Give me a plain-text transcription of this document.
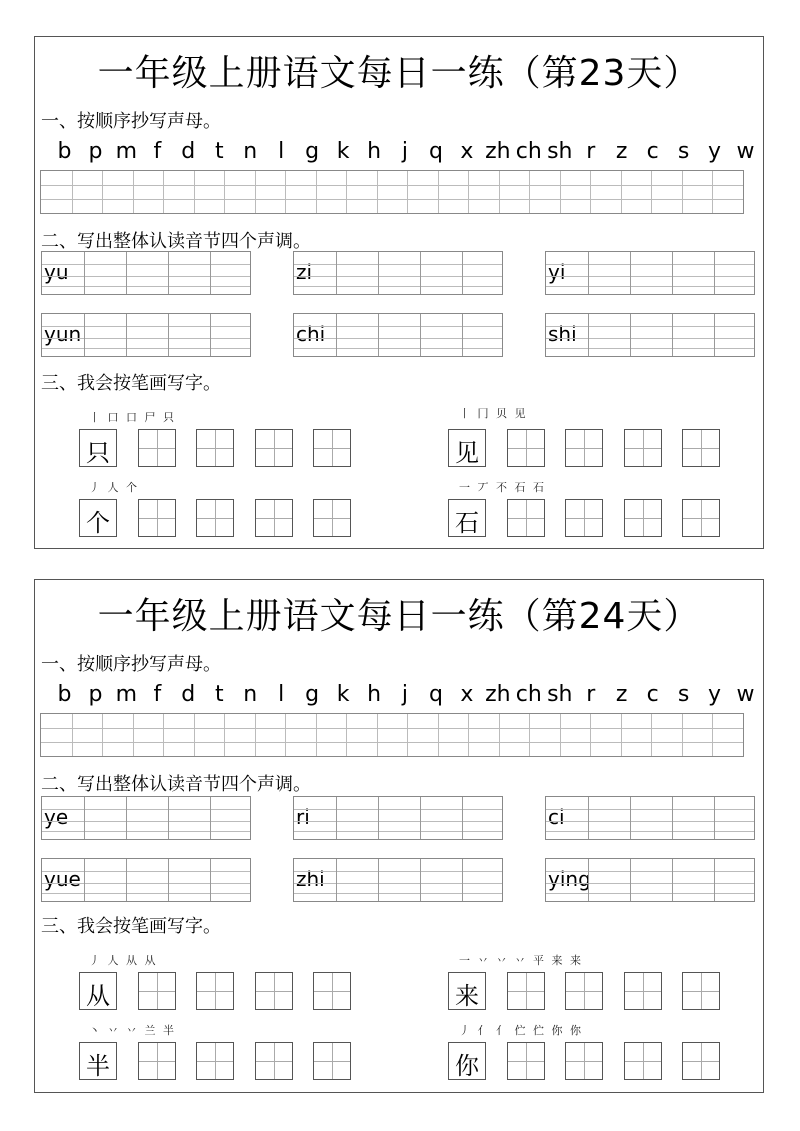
一年级上册语文每日一练（第23天）
一、按顺序抄写声母。
b p m f d t n l g k h j q x zh ch sh r z c s y w
二、写出整体认读音节四个声调。
yu	zi	yi
yun	chi	shi
三、我会按笔画写字。
丨 口 口 尸 只	丨 冂 贝 见
丿 人 个	一 丆 不 石 石
只	见
个	石
一年级上册语文每日一练（第24天）
一、按顺序抄写声母。
b p m f d t n l g k h j q x zh ch sh r z c s y w
二、写出整体认读音节四个声调。
ye	ri	ci
yue	zhi	ying
三、我会按笔画写字。
丿 人 从 从	一 丷 丷 丷 平 来 来
丶 丷 丷 兰 半	丿 亻 亻 伫 伫 你 你
从	来
半	你
